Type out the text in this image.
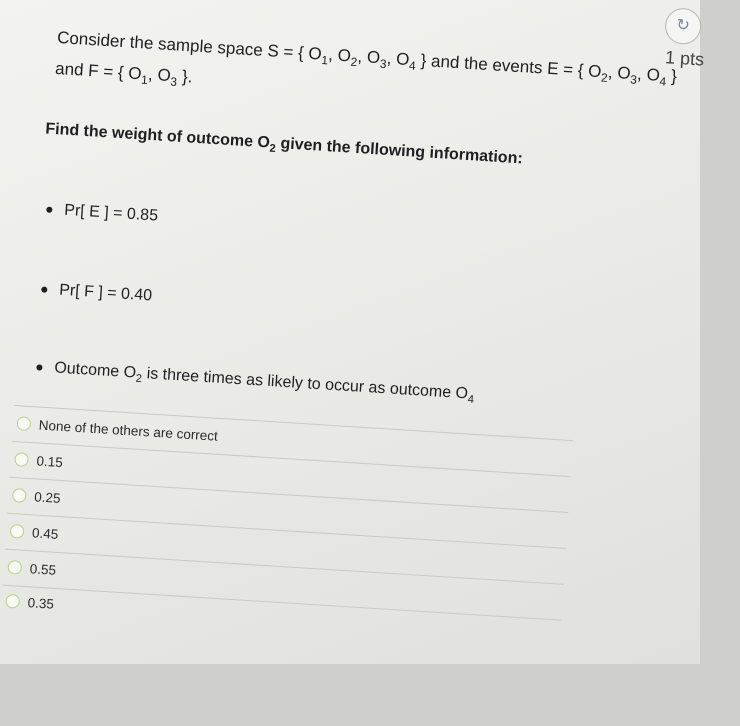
↻
1 pts
Consider the sample space S = { $O_1$, $O_2$, $O_3$, $O_4$ } and the events E = { $O_2$, $O_3$, $O_4$ } and F = { $O_1$, $O_3$ }.
Find the weight of outcome $O_2$ given the following information:
Pr[ E ] = 0.85
Pr[ F ] = 0.40
Outcome $O_2$ is three times as likely to occur as outcome $O_4$
None of the others are correct
0.15
0.25
0.45
0.55
0.35
